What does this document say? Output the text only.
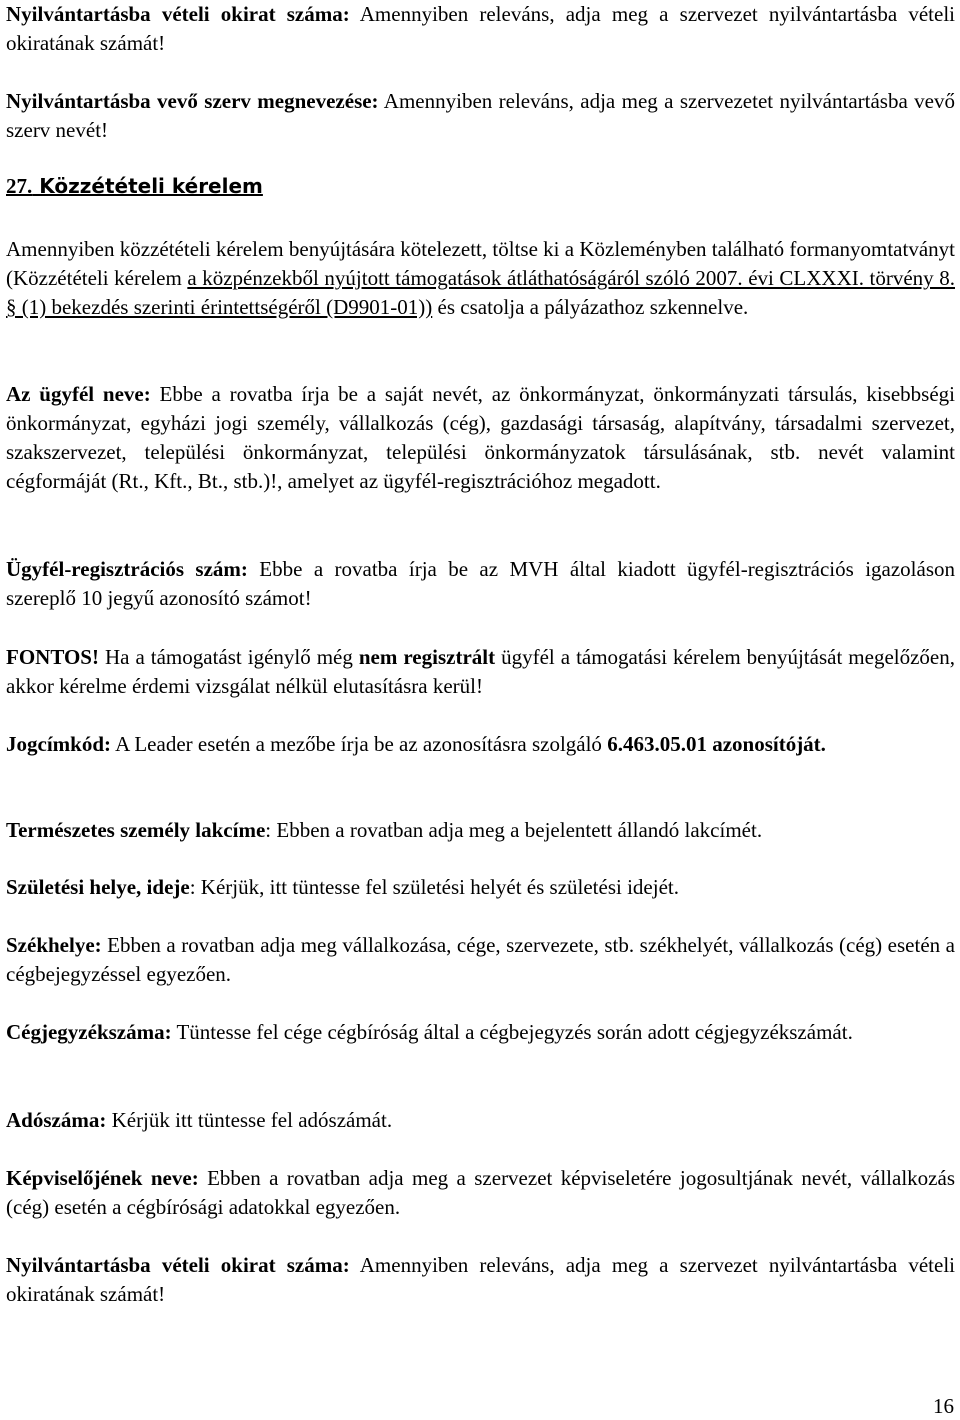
Nyilvántartásba vételi okirat száma: Amennyiben releváns, adja meg a szervezet nyilvántartásba vételi okiratának számát!

Nyilvántartásba vevő szerv megnevezése: Amennyiben releváns, adja meg a szervezetet nyilvántartásba vevő szerv nevét!

27. Közzétételi kérelem

Amennyiben közzétételi kérelem benyújtására kötelezett, töltse ki a Közleményben található formanyomtatványt (Közzétételi kérelem a közpénzekből nyújtott támogatások átláthatóságáról szóló 2007. évi CLXXXI. törvény 8. § (1) bekezdés szerinti érintettségéről (D9901-01)) és csatolja a pályázathoz szkennelve.

Az ügyfél neve: Ebbe a rovatba írja be a saját nevét, az önkormányzat, önkormányzati társulás, kisebbségi önkormányzat, egyházi jogi személy, vállalkozás (cég), gazdasági társaság, alapítvány, társadalmi szervezet, szakszervezet, települési önkormányzat, települési önkormányzatok társulásának, stb. nevét valamint cégformáját (Rt., Kft., Bt., stb.)!, amelyet az ügyfél-regisztrációhoz megadott.

Ügyfél-regisztrációs szám: Ebbe a rovatba írja be az MVH által kiadott ügyfél-regisztrációs igazoláson szereplő 10 jegyű azonosító számot!

FONTOS! Ha a támogatást igénylő még nem regisztrált ügyfél a támogatási kérelem benyújtását megelőzően, akkor kérelme érdemi vizsgálat nélkül elutasításra kerül!

Jogcímkód: A Leader esetén a mezőbe írja be az azonosításra szolgáló 6.463.05.01 azonosítóját.

Természetes személy lakcíme: Ebben a rovatban adja meg a bejelentett állandó lakcímét.

Születési helye, ideje: Kérjük, itt tüntesse fel születési helyét és születési idejét.

Székhelye: Ebben a rovatban adja meg vállalkozása, cége, szervezete, stb. székhelyét, vállalkozás (cég) esetén a cégbejegyzéssel egyezően.

Cégjegyzékszáma: Tüntesse fel cége cégbíróság által a cégbejegyzés során adott cégjegyzékszámát.

Adószáma: Kérjük itt tüntesse fel adószámát.

Képviselőjének neve: Ebben a rovatban adja meg a szervezet képviseletére jogosultjának nevét, vállalkozás (cég) esetén a cégbírósági adatokkal egyezően.

Nyilvántartásba vételi okirat száma: Amennyiben releváns, adja meg a szervezet nyilvántartásba vételi okiratának számát!

16
